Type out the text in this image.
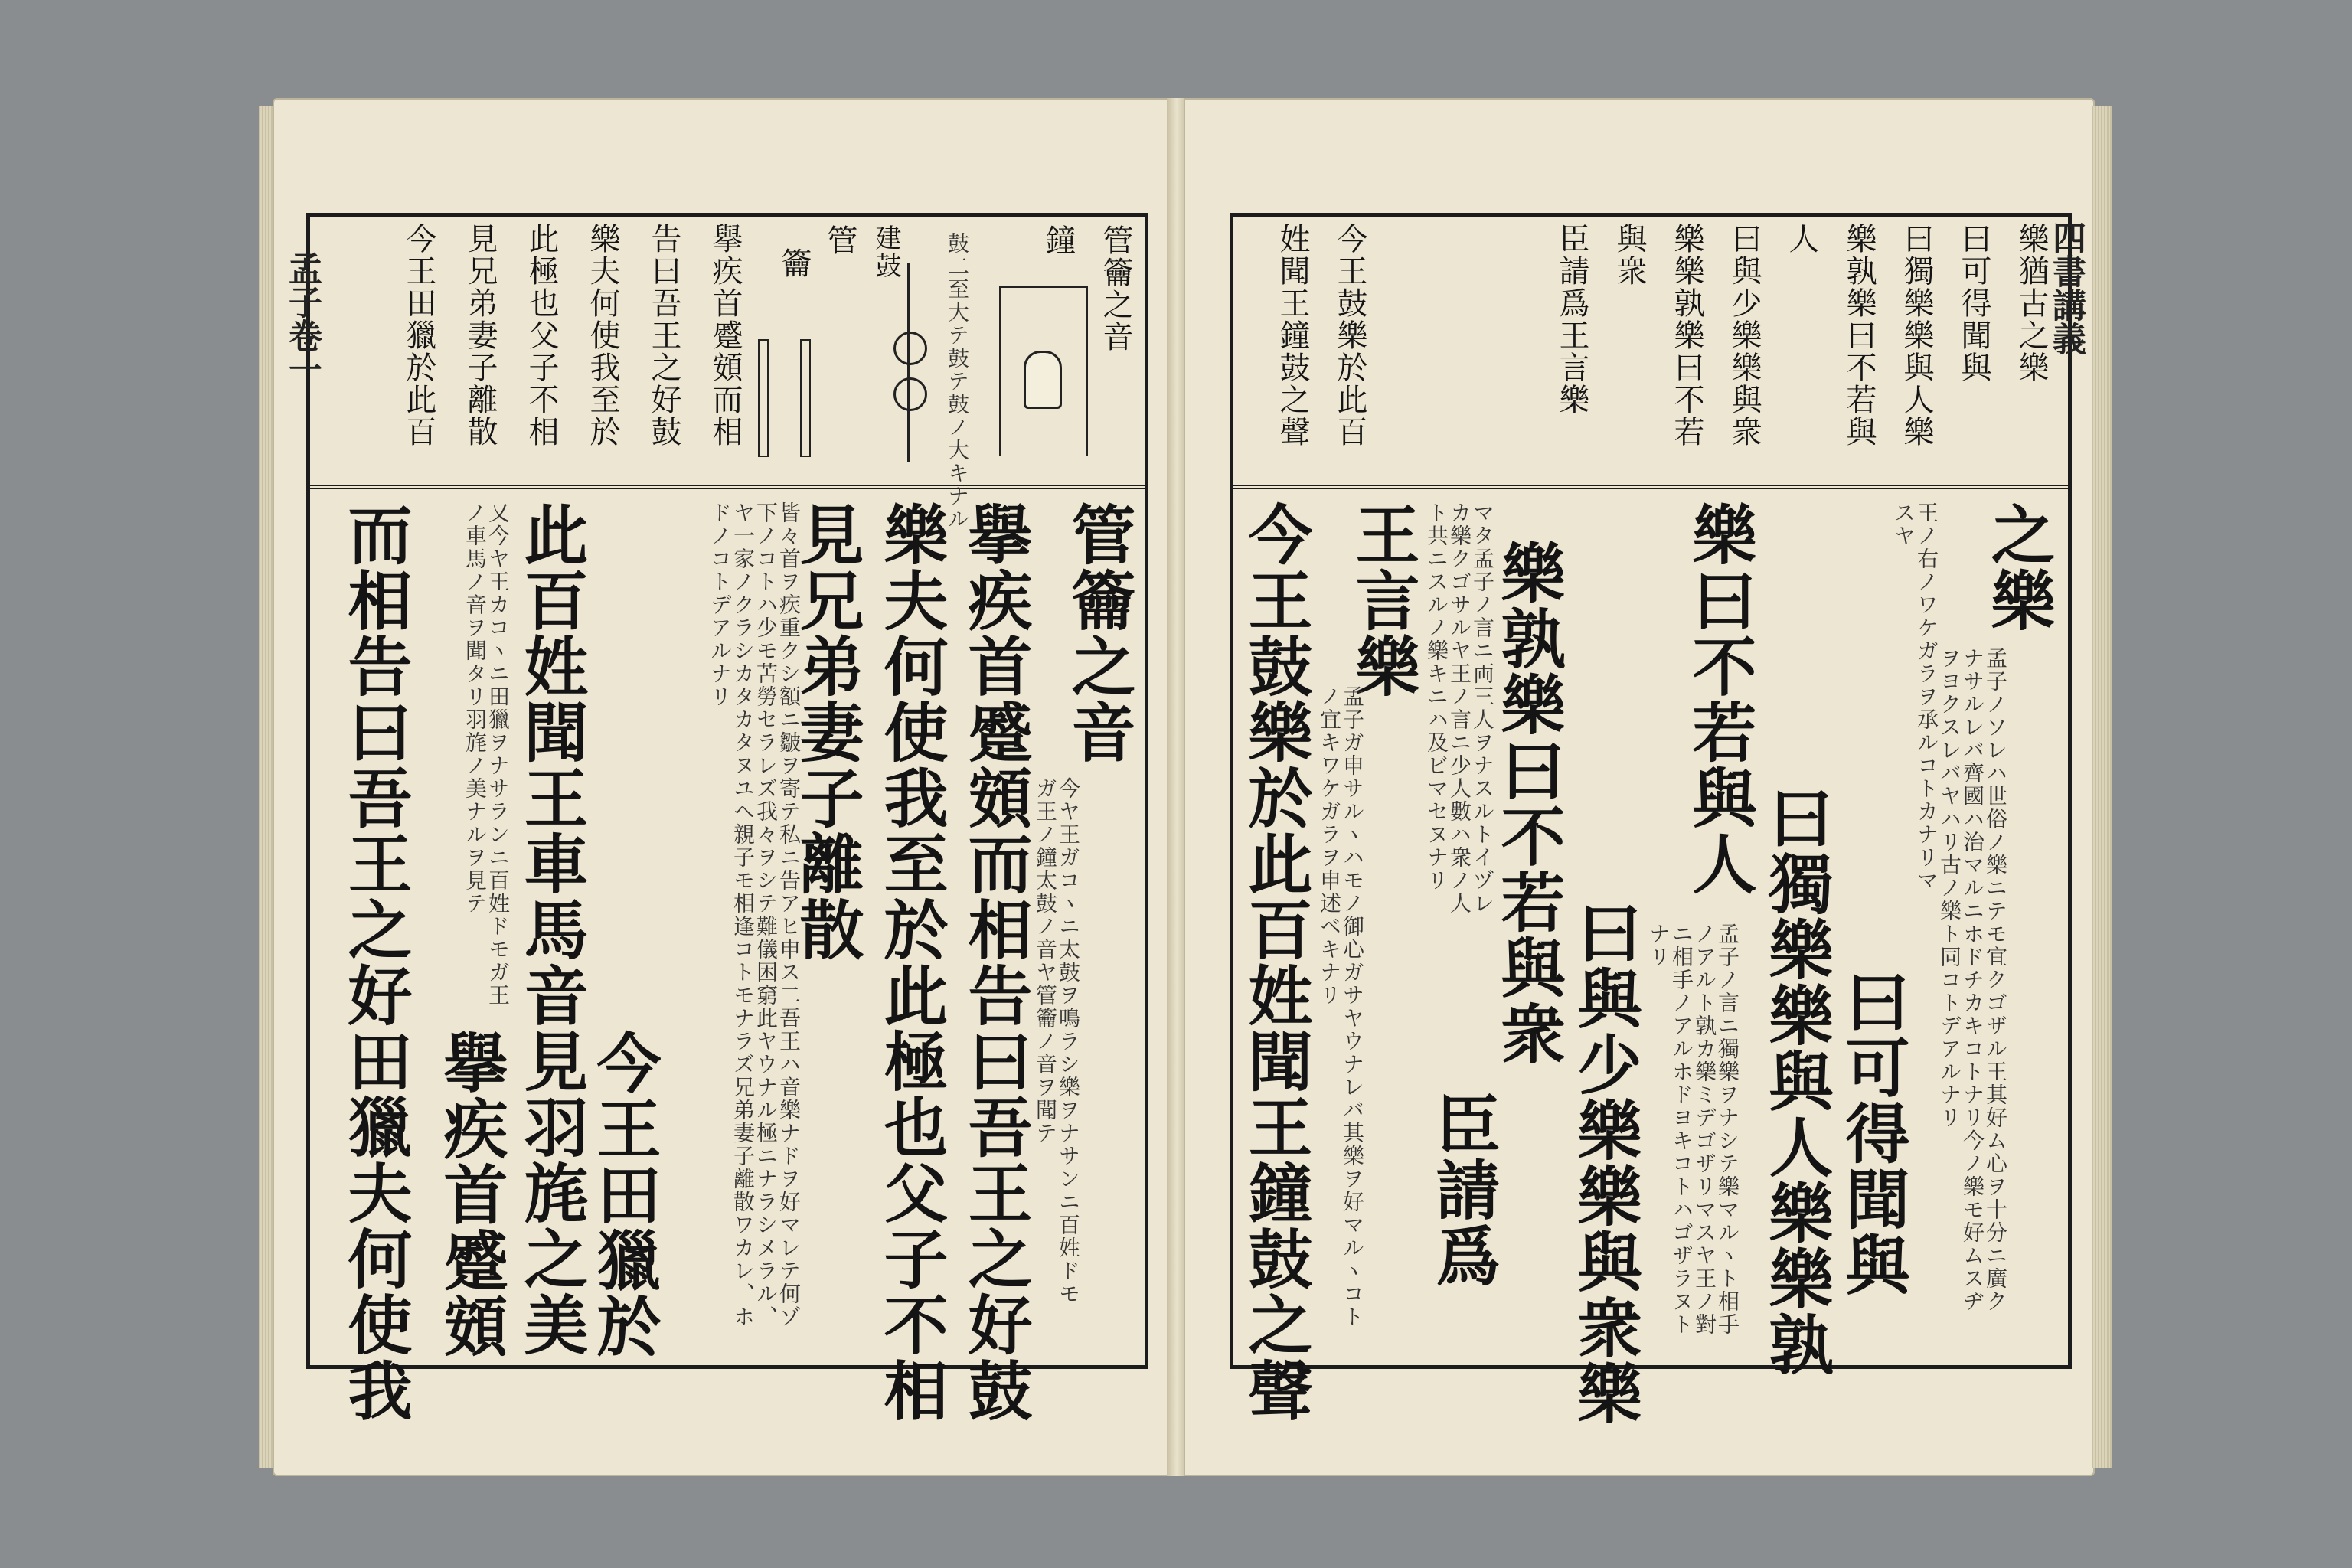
管籥之音
鐘
鼓二至大テ鼓テ鼓ノ大キナル
建鼓
管
籥
擧疾首蹙頞而相
告曰吾王之好鼓
樂夫何使我至於
此極也父子不相
見兄弟妻子離散
今王田獵於此百
管籥之音
今ヤ王ガコヽニ太鼓ヲ鳴ラシ樂ヲナサンニ百姓ドモガ王ノ鐘太鼓ノ音ヤ管籥ノ音ヲ聞テ
擧疾首蹙頞而相告曰吾王之好鼓
樂夫何使我至於此極也父子不相
見兄弟妻子離散
皆々首ヲ疾重クシ額ニ皺ヲ寄テ私ニ告アヒ申ス二吾王ハ音樂ナドヲ好マレテ何ゾ下ノコトハ少モ苦勞セラレズ我々ヲシテ難儀困窮此ヤウナル極ニナラシメラル、ヤ一家ノクラシカタカタヌユヘ親子モ相逢コトモナラズ兄弟妻子離散ワカレ、ホドノコトデアルナリ
今王田獵於
此百姓聞王車馬音見羽旄之美
又今ヤ王カコヽニ田獵ヲナサランニ百姓ドモガ王ノ車馬ノ音ヲ聞タリ羽旄ノ美ナルヲ見テ
擧疾首蹙頞
而相告曰吾王之好田獵夫何使我
孟子卷一	樂猶古之樂
曰可得聞與
曰獨樂樂與人樂
樂孰樂曰不若與
人
曰與少樂樂與衆
樂樂孰樂曰不若
與衆
臣請爲王言樂
今王鼓樂於此百
姓聞王鐘鼓之聲
之樂
孟子ノソレハ世俗ノ樂ニテモ宜クゴザル王其好ム心ヲ十分ニ廣クナサルレバ齊國ハ治マルニホドチカキコトナリ今ノ樂モ好ムスヂヲヨクスレバヤハリ古ノ樂ト同コトデアルナリ
曰可得聞與
王ノ右ノワケガラヲ承ルコトカナリマスヤ
曰獨樂樂與人樂樂孰
樂曰不若與人
孟子ノ言ニ獨樂ヲナシテ樂マルヽト相手ノアルト孰カ樂ミデゴザリマスヤ王ノ對ニ相手ノアルホドヨキコトハゴザラヌトナリ
曰與少樂樂與衆樂
樂孰樂曰不若與衆
マタ孟子ノ言ニ両三人ヲナスルトイヅレカ樂クゴサルヤ王ノ言ニ少人數ハ衆ノ人ト共ニスルノ樂キニハ及ビマセヌナリ
臣請爲
王言樂
孟子ガ申サルヽハモノ御心ガサヤウナレバ其樂ヲ好マルヽコトノ宜キワケガラヲ申述ベキナリ
今王鼓樂於此百姓聞王鐘鼓之聲
四書講義
